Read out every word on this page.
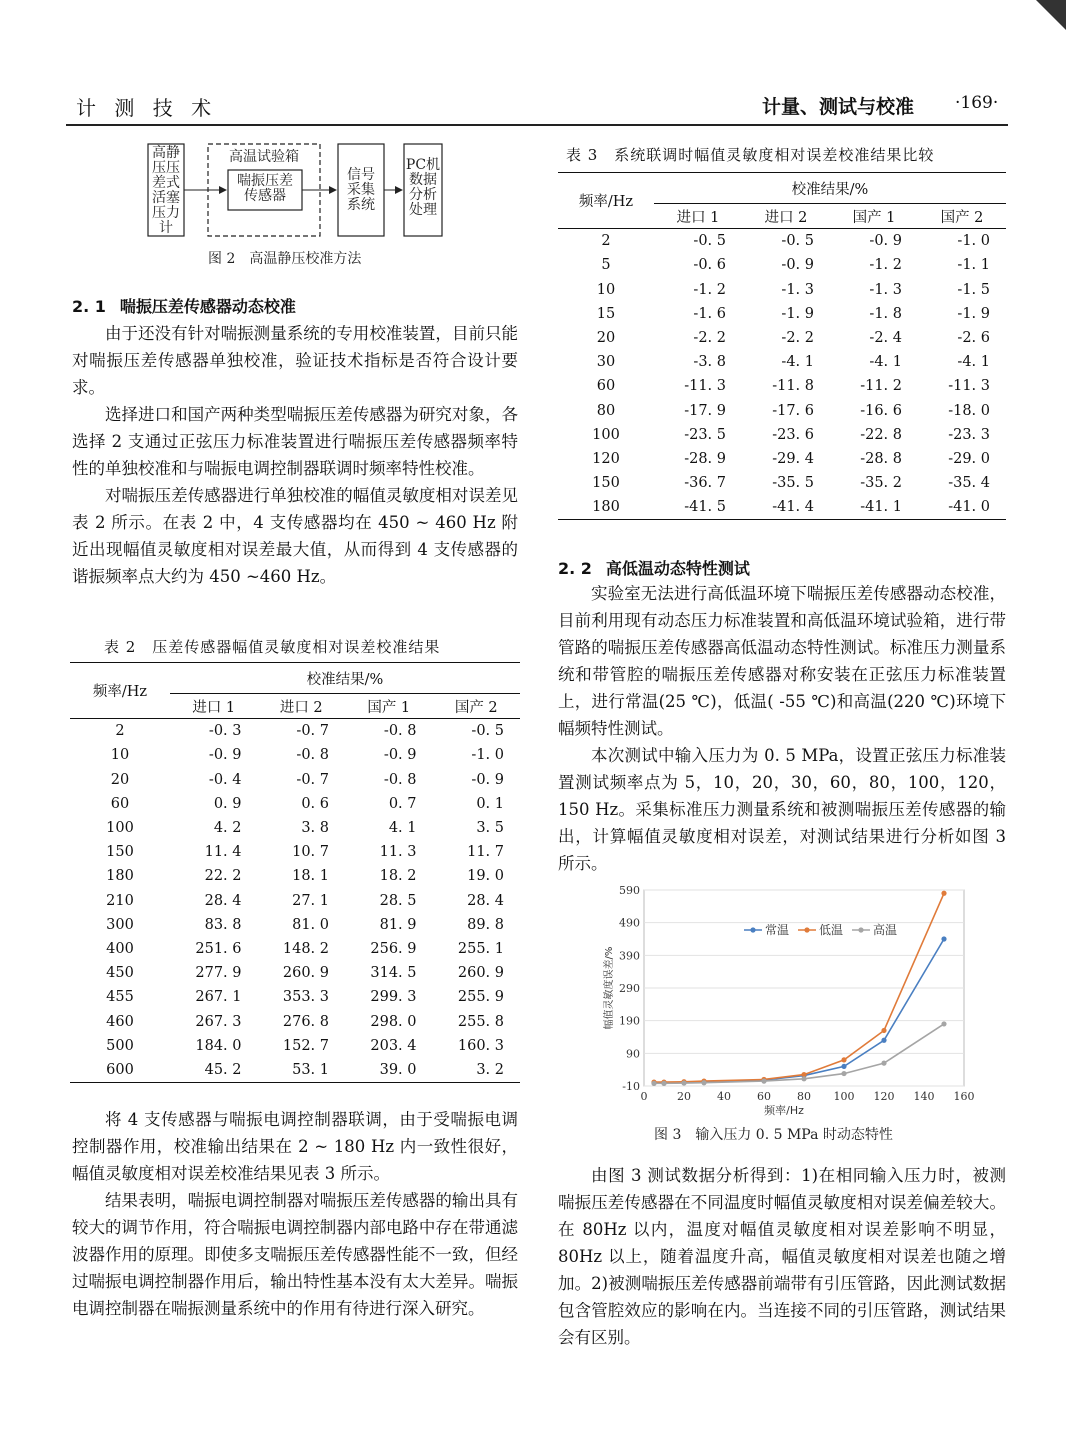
计 测 技 术	计量、测试与校准 ·169·
高静
压压
差式
活塞
压力
计
高温试验箱
喘振压差
传感器
信号
采集
系统
PC机
数据
分析
处理
图 2　高温静压校准方法
2. 1 喘振压差传感器动态校准

由于还没有针对喘振测量系统的专用校准装置，目前只能对喘振压差传感器单独校准，验证技术指标是否符合设计要求。

选择进口和国产两种类型喘振压差传感器为研究对象，各选择 2 支通过正弦压力标准装置进行喘振压差传感器频率特性的单独校准和与喘振电调控制器联调时频率特性校准。

对喘振压差传感器进行单独校准的幅值灵敏度相对误差见表 2 所示。在表 2 中，4 支传感器均在 450 ~ 460 Hz 附近出现幅值灵敏度相对误差最大值，从而得到 4 支传感器的谐振频率点大约为 450 ~460 Hz。

表 2　压差传感器幅值灵敏度相对误差校准结果
频率/Hz	校准结果/%			
	进口 1	进口 2	国产 1	国产 2
2	-0. 3	-0. 7	-0. 8	-0. 5
10	-0. 9	-0. 8	-0. 9	-1. 0
20	-0. 4	-0. 7	-0. 8	-0. 9
60	0. 9	0. 6	0. 7	0. 1
100	4. 2	3. 8	4. 1	3. 5
150	11. 4	10. 7	11. 3	11. 7
180	22. 2	18. 1	18. 2	19. 0
210	28. 4	27. 1	28. 5	28. 4
300	83. 8	81. 0	81. 9	89. 8
400	251. 6	148. 2	256. 9	255. 1
450	277. 9	260. 9	314. 5	260. 9
455	267. 1	353. 3	299. 3	255. 9
460	267. 3	276. 8	298. 0	255. 8
500	184. 0	152. 7	203. 4	160. 3
600	45. 2	53. 1	39. 0	3. 2

将 4 支传感器与喘振电调控制器联调，由于受喘振电调控制器作用，校准输出结果在 2 ~ 180 Hz 内一致性很好，幅值灵敏度相对误差校准结果见表 3 所示。

结果表明，喘振电调控制器对喘振压差传感器的输出具有较大的调节作用，符合喘振电调控制器内部电路中存在带通滤波器作用的原理。即使多支喘振压差传感器性能不一致，但经过喘振电调控制器作用后，输出特性基本没有太大差异。喘振电调控制器在喘振测量系统中的作用有待进行深入研究。

表 3　系统联调时幅值灵敏度相对误差校准结果比较
频率/Hz	校准结果/%			
	进口 1	进口 2	国产 1	国产 2
2	-0. 5	-0. 5	-0. 9	-1. 0
5	-0. 6	-0. 9	-1. 2	-1. 1
10	-1. 2	-1. 3	-1. 3	-1. 5
15	-1. 6	-1. 9	-1. 8	-1. 9
20	-2. 2	-2. 2	-2. 4	-2. 6
30	-3. 8	-4. 1	-4. 1	-4. 1
60	-11. 3	-11. 8	-11. 2	-11. 3
80	-17. 9	-17. 6	-16. 6	-18. 0
100	-23. 5	-23. 6	-22. 8	-23. 3
120	-28. 9	-29. 4	-28. 8	-29. 0
150	-36. 7	-35. 5	-35. 2	-35. 4
180	-41. 5	-41. 4	-41. 1	-41. 0
2. 2 高低温动态特性测试

实验室无法进行高低温环境下喘振压差传感器动态校准，目前利用现有动态压力标准装置和高低温环境试验箱，进行带管路的喘振压差传感器高低温动态特性测试。标准压力测量系统和带管腔的喘振压差传感器对称安装在正弦压力标准装置上，进行常温(25 ℃)，低温( -55 ℃)和高温(220 ℃)环境下幅频特性测试。

本次测试中输入压力为 0. 5 MPa，设置正弦压力标准装置测试频率点为 5，10，20，30，60，80，100，120，150 Hz。采集标准压力测量系统和被测喘振压差传感器的输出，计算幅值灵敏度相对误差，对测试结果进行分析如图 3 所示。

-10
90
190
290
390
490
590
0	20 40 60 80 100 120 140 160
频率/Hz
幅值灵敏度误差/%
常温 低温 高温
图 3　输入压力 0. 5 MPa 时动态特性

由图 3 测试数据分析得到：1)在相同输入压力时，被测喘振压差传感器在不同温度时幅值灵敏度相对误差偏差较大。在 80Hz 以内，温度对幅值灵敏度相对误差影响不明显，80Hz 以上，随着温度升高，幅值灵敏度相对误差也随之增加。2)被测喘振压差传感器前端带有引压管路，因此测试数据包含管腔效应的影响在内。当连接不同的引压管路，测试结果会有区别。
